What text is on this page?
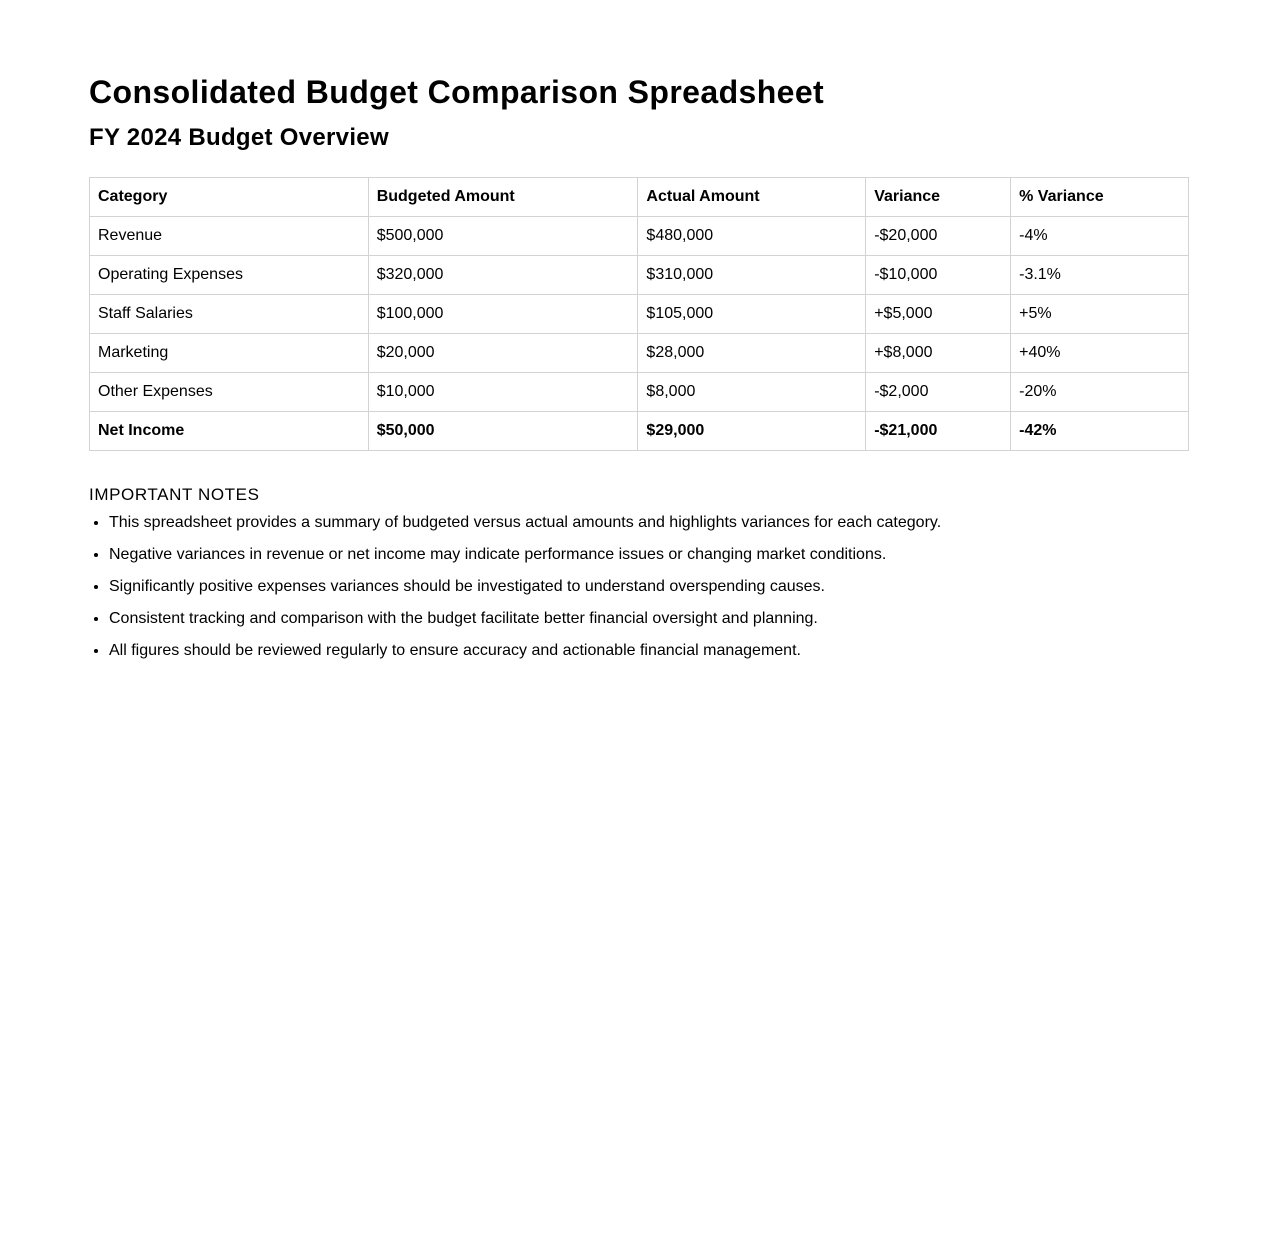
Consolidated Budget Comparison Spreadsheet
FY 2024 Budget Overview
Category	Budgeted Amount	Actual Amount	Variance	% Variance
Revenue	$500,000	$480,000	-$20,000	-4%
Operating Expenses	$320,000	$310,000	-$10,000	-3.1%
Staff Salaries	$100,000	$105,000	+$5,000	+5%
Marketing	$20,000	$28,000	+$8,000	+40%
Other Expenses	$10,000	$8,000	-$2,000	-20%
Net Income	$50,000	$29,000	-$21,000	-42%
IMPORTANT NOTES
• This spreadsheet provides a summary of budgeted versus actual amounts and highlights variances for each category.
• Negative variances in revenue or net income may indicate performance issues or changing market conditions.
• Significantly positive expenses variances should be investigated to understand overspending causes.
• Consistent tracking and comparison with the budget facilitate better financial oversight and planning.
• All figures should be reviewed regularly to ensure accuracy and actionable financial management.
